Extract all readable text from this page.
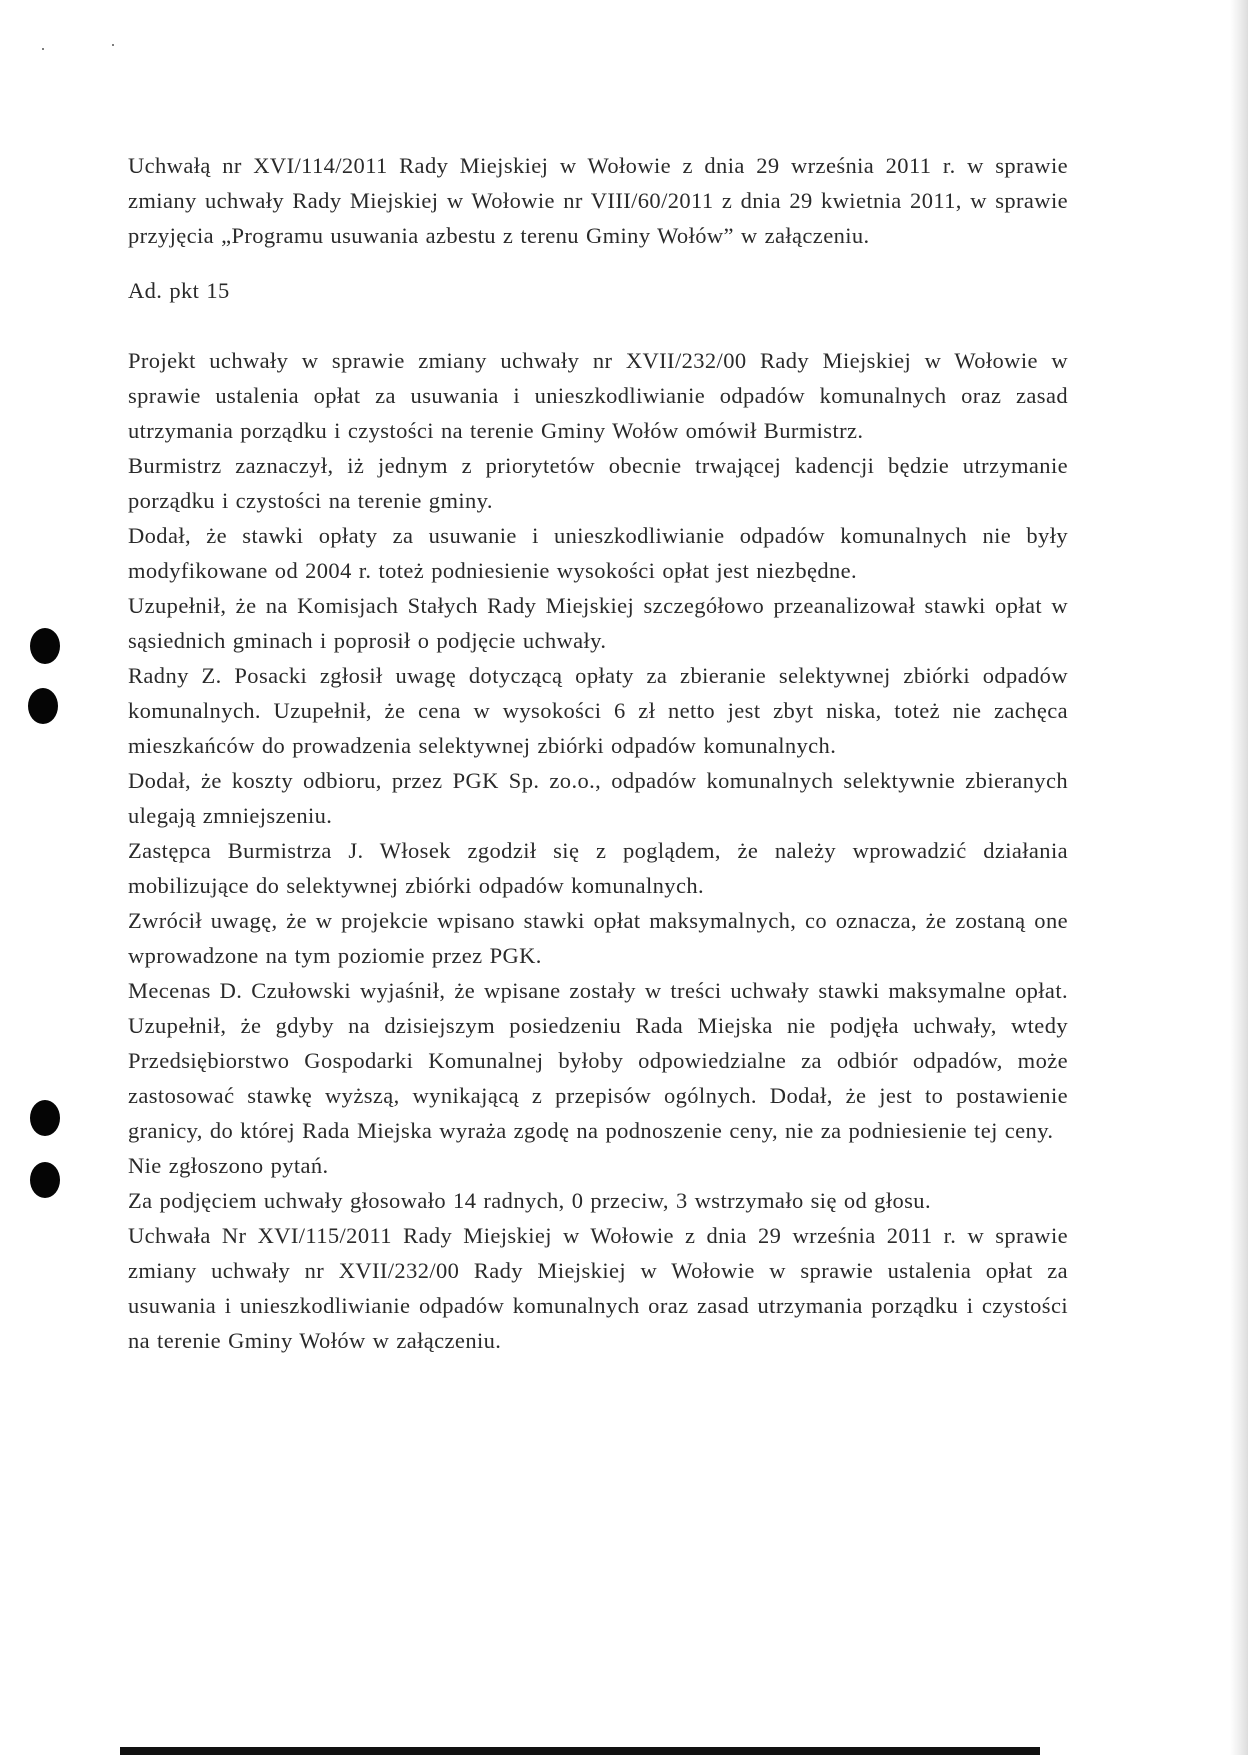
Uchwałą nr XVI/114/2011 Rady Miejskiej w Wołowie z dnia 29 września 2011 r. w sprawie zmiany uchwały Rady Miejskiej w Wołowie nr VIII/60/2011 z dnia 29 kwietnia 2011, w sprawie przyjęcia „Programu usuwania azbestu z terenu Gminy Wołów” w załączeniu.

Ad. pkt 15

Projekt uchwały w sprawie zmiany uchwały nr XVII/232/00 Rady Miejskiej w Wołowie w sprawie ustalenia opłat za usuwania i unieszkodliwianie odpadów komunalnych oraz zasad utrzymania porządku i czystości na terenie Gminy Wołów omówił Burmistrz.

Burmistrz zaznaczył, iż jednym z priorytetów obecnie trwającej kadencji będzie utrzymanie porządku i czystości na terenie gminy.

Dodał, że stawki opłaty za usuwanie i unieszkodliwianie odpadów komunalnych nie były modyfikowane od 2004 r. toteż podniesienie wysokości opłat jest niezbędne.

Uzupełnił, że na Komisjach Stałych Rady Miejskiej szczegółowo przeanalizował stawki opłat w sąsiednich gminach i poprosił o podjęcie uchwały.

Radny Z. Posacki zgłosił uwagę dotyczącą opłaty za zbieranie selektywnej zbiórki odpadów komunalnych. Uzupełnił, że cena w wysokości 6 zł netto jest zbyt niska, toteż nie zachęca mieszkańców do prowadzenia selektywnej zbiórki odpadów komunalnych.

Dodał, że koszty odbioru, przez PGK Sp. zo.o., odpadów komunalnych selektywnie zbieranych ulegają zmniejszeniu.

Zastępca Burmistrza J. Włosek zgodził się z poglądem, że należy wprowadzić działania mobilizujące do selektywnej zbiórki odpadów komunalnych.

Zwrócił uwagę, że w projekcie wpisano stawki opłat maksymalnych, co oznacza, że zostaną one wprowadzone na tym poziomie przez PGK.

Mecenas D. Czułowski wyjaśnił, że wpisane zostały w treści uchwały stawki maksymalne opłat. Uzupełnił, że gdyby na dzisiejszym posiedzeniu Rada Miejska nie podjęła uchwały, wtedy Przedsiębiorstwo Gospodarki Komunalnej byłoby odpowiedzialne za odbiór odpadów, może zastosować stawkę wyższą, wynikającą z przepisów ogólnych. Dodał, że jest to postawienie granicy, do której Rada Miejska wyraża zgodę na podnoszenie ceny, nie za podniesienie tej ceny.

Nie zgłoszono pytań.

Za podjęciem uchwały głosowało 14 radnych, 0 przeciw, 3 wstrzymało się od głosu.

Uchwała Nr XVI/115/2011 Rady Miejskiej w Wołowie z dnia 29 września 2011 r. w sprawie zmiany uchwały nr XVII/232/00 Rady Miejskiej w Wołowie w sprawie ustalenia opłat za usuwania i unieszkodliwianie odpadów komunalnych oraz zasad utrzymania porządku i czystości na terenie Gminy Wołów w załączeniu.
